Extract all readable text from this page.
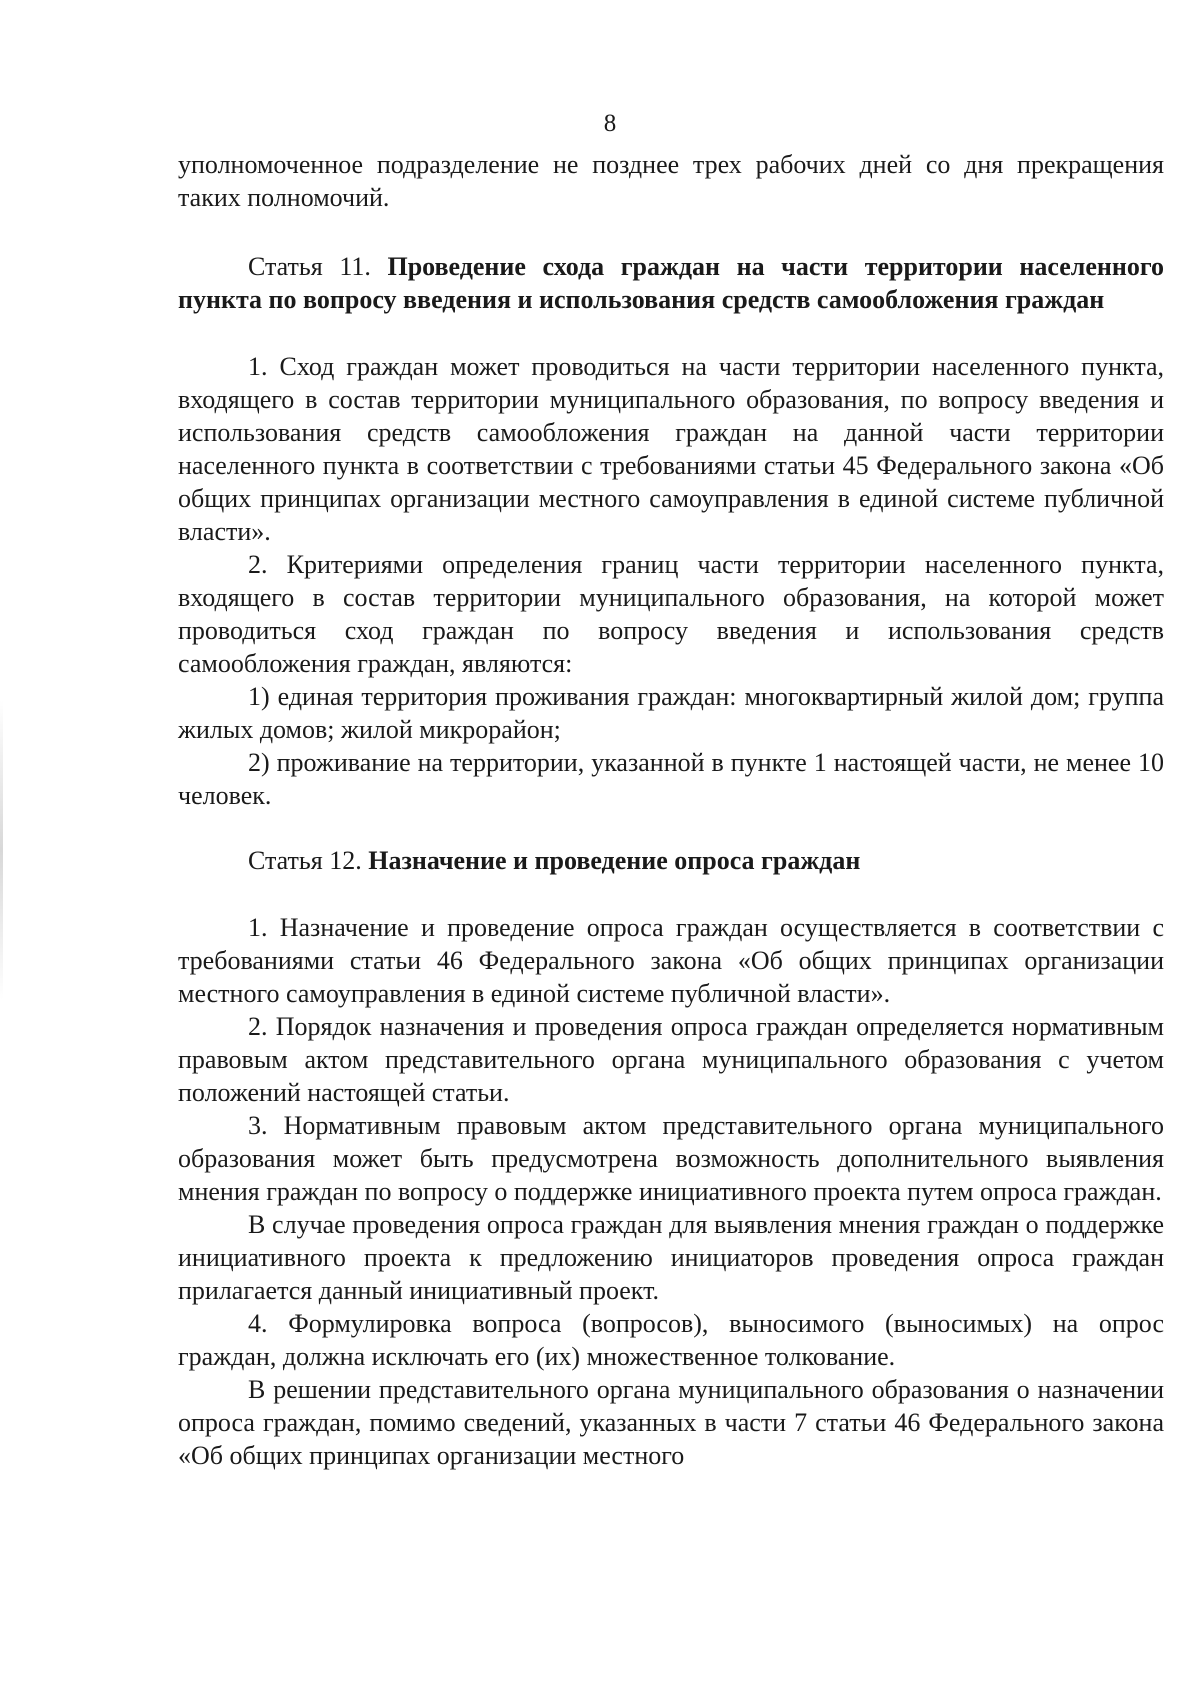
8

уполномоченное подразделение не позднее трех рабочих дней со дня прекращения таких полномочий.

Статья 11. Проведение схода граждан на части территории населенного пункта по вопросу введения и использования средств самообложения граждан

1. Сход граждан может проводиться на части территории населенного пункта, входящего в состав территории муниципального образования, по вопросу введения и использования средств самообложения граждан на данной части территории населенного пункта в соответствии с требованиями статьи 45 Федерального закона «Об общих принципах организации местного самоуправления в единой системе публичной власти».

2. Критериями определения границ части территории населенного пункта, входящего в состав территории муниципального образования, на которой может проводиться сход граждан по вопросу введения и использования средств самообложения граждан, являются:

1) единая территория проживания граждан: многоквартирный жилой дом; группа жилых домов; жилой микрорайон;

2) проживание на территории, указанной в пункте 1 настоящей части, не менее 10 человек.

Статья 12. Назначение и проведение опроса граждан

1. Назначение и проведение опроса граждан осуществляется в соответствии с требованиями статьи 46 Федерального закона «Об общих принципах организации местного самоуправления в единой системе публичной власти».

2. Порядок назначения и проведения опроса граждан определяется нормативным правовым актом представительного органа муниципального образования с учетом положений настоящей статьи.

3. Нормативным правовым актом представительного органа муниципального образования может быть предусмотрена возможность дополнительного выявления мнения граждан по вопросу о поддержке инициативного проекта путем опроса граждан.

В случае проведения опроса граждан для выявления мнения граждан о поддержке инициативного проекта к предложению инициаторов проведения опроса граждан прилагается данный инициативный проект.

4. Формулировка вопроса (вопросов), выносимого (выносимых) на опрос граждан, должна исключать его (их) множественное толкование.

В решении представительного органа муниципального образования о назначении опроса граждан, помимо сведений, указанных в части 7 статьи 46 Федерального закона «Об общих принципах организации местного
